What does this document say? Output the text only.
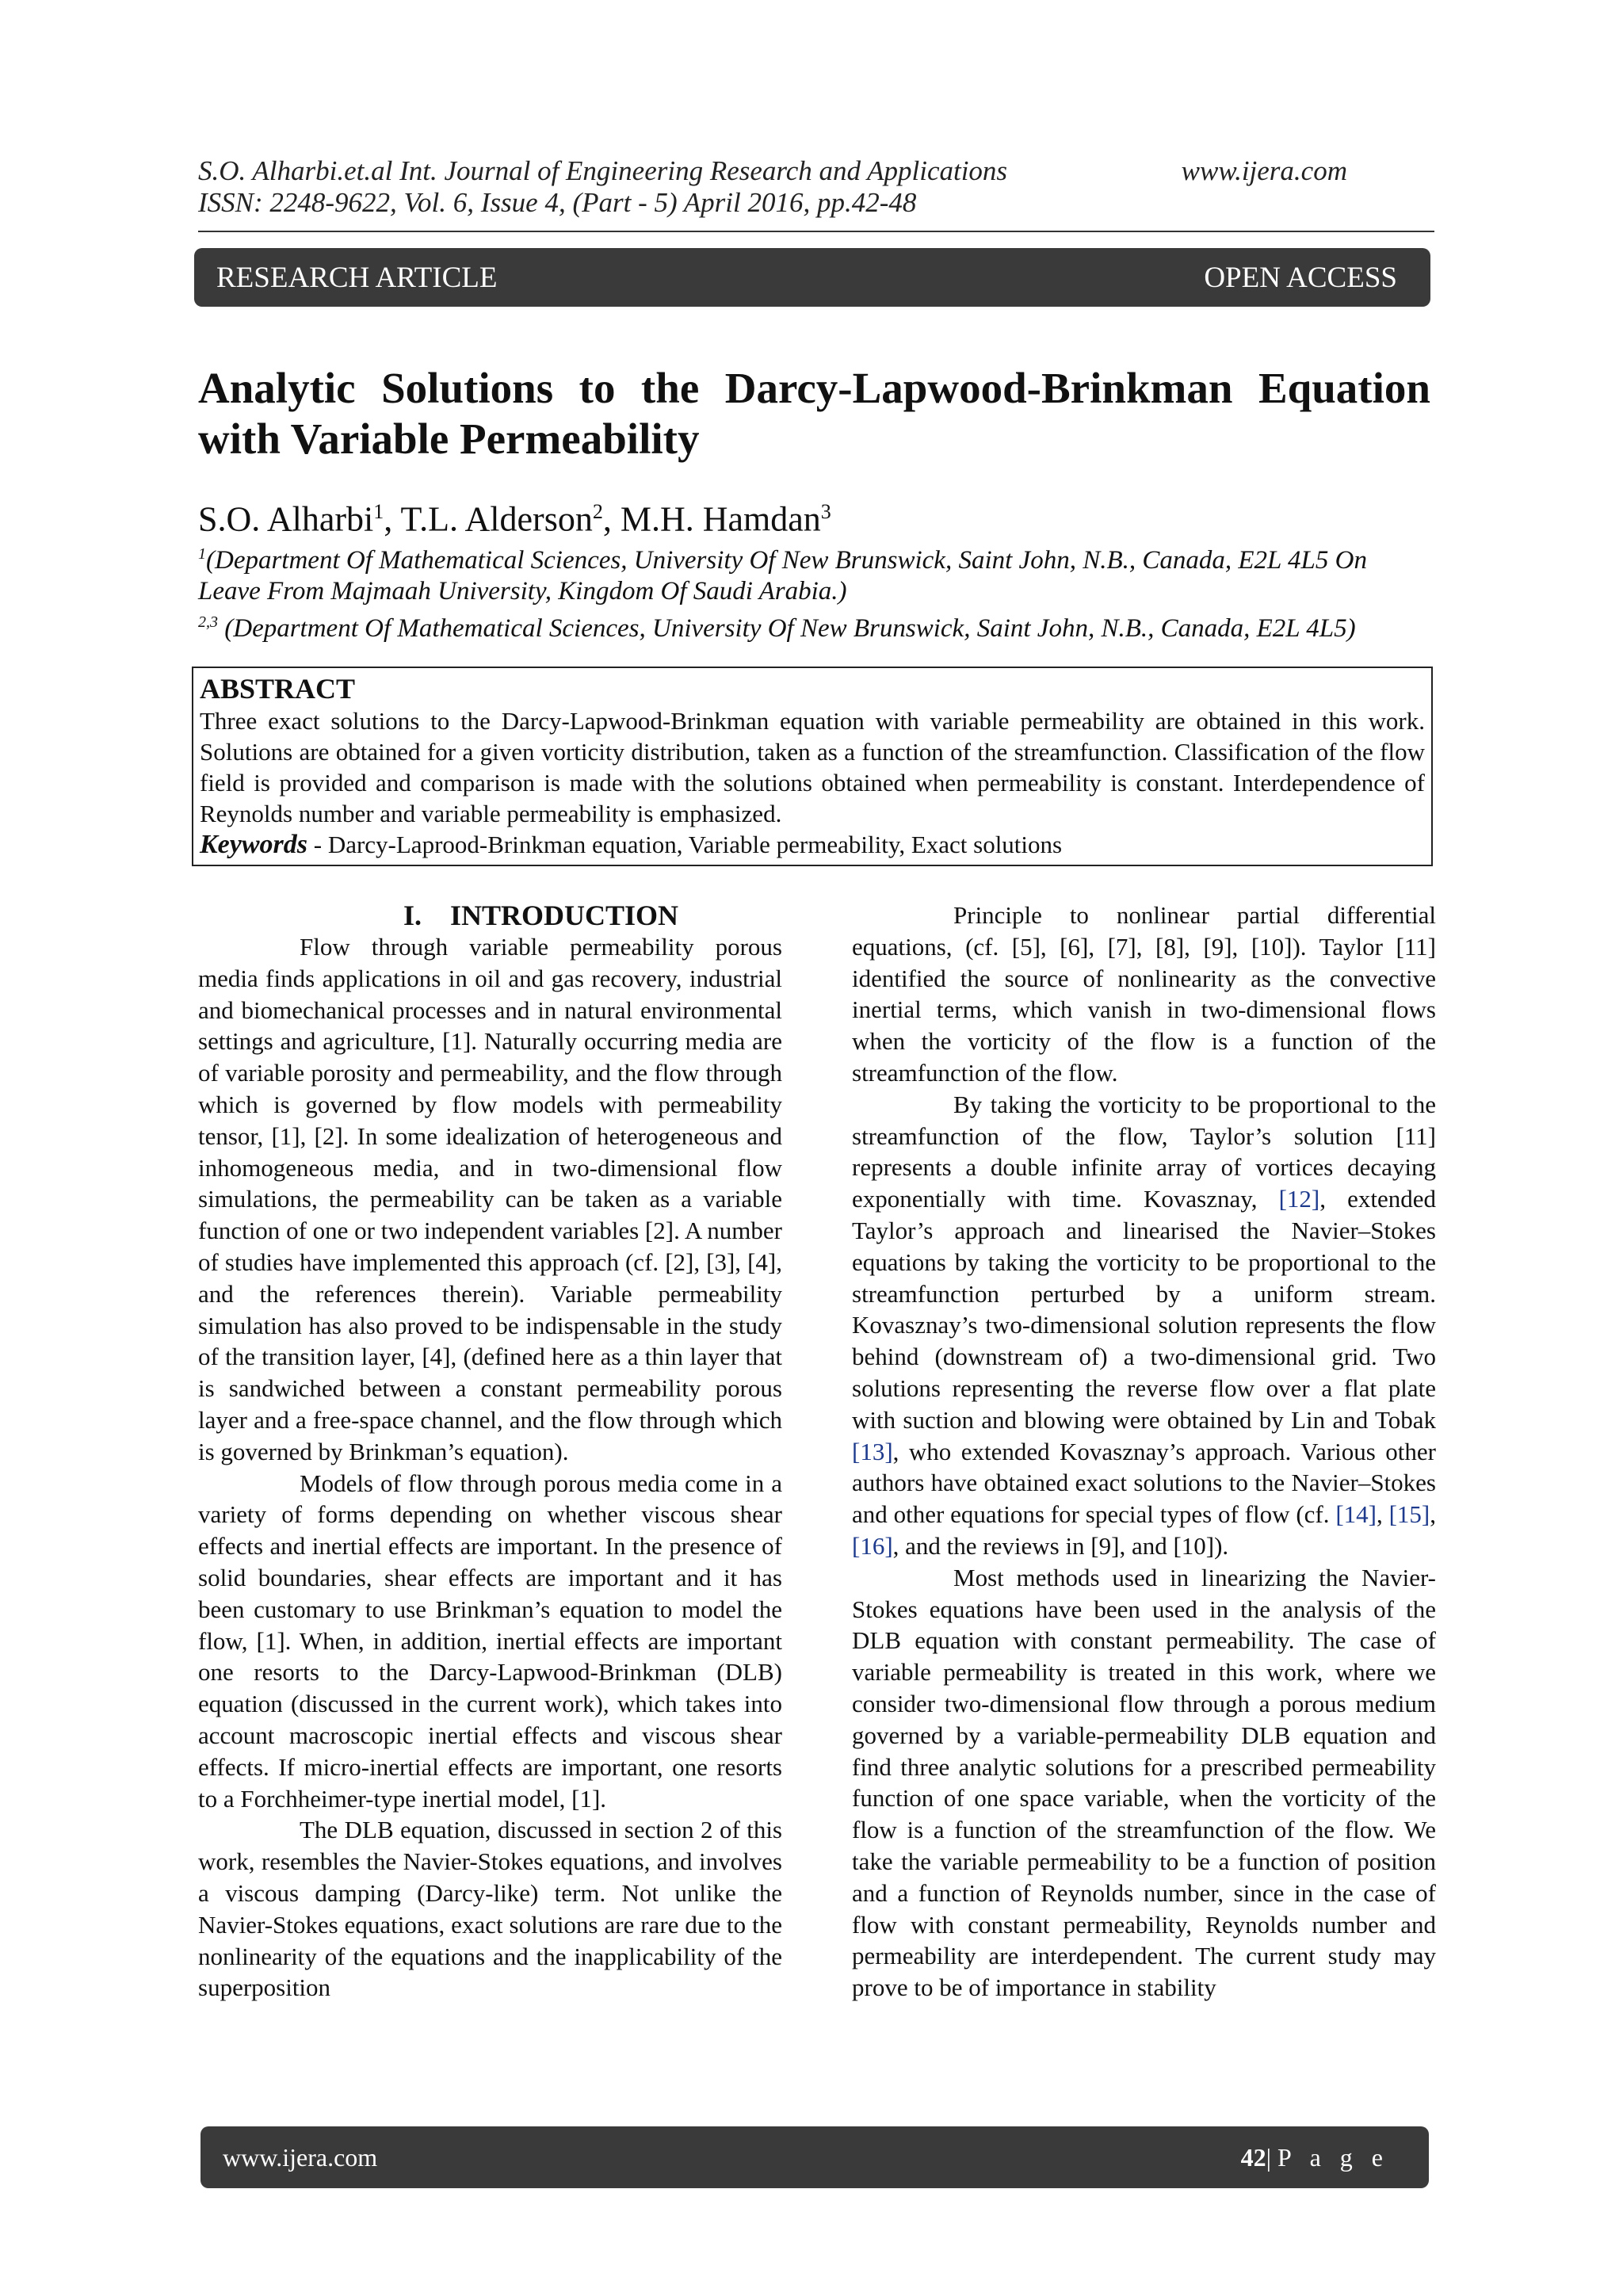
S.O. Alharbi.et.al Int. Journal of Engineering Research and Applications	www.ijera.com
ISSN: 2248-9622, Vol. 6, Issue 4, (Part - 5) April 2016, pp.42-48
RESEARCH ARTICLE	OPEN ACCESS
Analytic Solutions to the Darcy-Lapwood-Brinkman Equation with Variable Permeability
S.O. Alharbi$^1$, T.L. Alderson$^2$, M.H. Hamdan$^3$

$^1$(Department Of Mathematical Sciences, University Of New Brunswick, Saint John, N.B., Canada, E2L 4L5 On Leave From Majmaah University, Kingdom Of Saudi Arabia.)

$^{2,3}$ (Department Of Mathematical Sciences, University Of New Brunswick, Saint John, N.B., Canada, E2L 4L5)

ABSTRACT
Three exact solutions to the Darcy-Lapwood-Brinkman equation with variable permeability are obtained in this work. Solutions are obtained for a given vorticity distribution, taken as a function of the streamfunction. Classification of the flow field is provided and comparison is made with the solutions obtained when permeability is constant. Interdependence of Reynolds number and variable permeability is emphasized.
Keywords - Darcy-Laprood-Brinkman equation, Variable permeability, Exact solutions

I. INTRODUCTION

Flow through variable permeability porous media finds applications in oil and gas recovery, industrial and biomechanical processes and in natural environmental settings and agriculture, [1]. Naturally occurring media are of variable porosity and permeability, and the flow through which is governed by flow models with permeability tensor, [1], [2]. In some idealization of heterogeneous and inhomogeneous media, and in two-dimensional flow simulations, the permeability can be taken as a variable function of one or two independent variables [2]. A number of studies have implemented this approach (cf. [2], [3], [4], and the references therein). Variable permeability simulation has also proved to be indispensable in the study of the transition layer, [4], (defined here as a thin layer that is sandwiched between a constant permeability porous layer and a free-space channel, and the flow through which is governed by Brinkman’s equation).

Models of flow through porous media come in a variety of forms depending on whether viscous shear effects and inertial effects are important. In the presence of solid boundaries, shear effects are important and it has been customary to use Brinkman’s equation to model the flow, [1]. When, in addition, inertial effects are important one resorts to the Darcy-Lapwood-Brinkman (DLB) equation (discussed in the current work), which takes into account macroscopic inertial effects and viscous shear effects. If micro-inertial effects are important, one resorts to a Forchheimer-type inertial model, [1].

The DLB equation, discussed in section 2 of this work, resembles the Navier-Stokes equations, and involves a viscous damping (Darcy-like) term. Not unlike the Navier-Stokes equations, exact solutions are rare due to the nonlinearity of the equations and the inapplicability of the superposition

Principle to nonlinear partial differential equations, (cf. [5], [6], [7], [8], [9], [10]). Taylor [11] identified the source of nonlinearity as the convective inertial terms, which vanish in two-dimensional flows when the vorticity of the flow is a function of the streamfunction of the flow.

By taking the vorticity to be proportional to the streamfunction of the flow, Taylor’s solution [11] represents a double infinite array of vortices decaying exponentially with time. Kovasznay, [12], extended Taylor’s approach and linearised the Navier–Stokes equations by taking the vorticity to be proportional to the streamfunction perturbed by a uniform stream. Kovasznay’s two-dimensional solution represents the flow behind (downstream of) a two-dimensional grid. Two solutions representing the reverse flow over a flat plate with suction and blowing were obtained by Lin and Tobak [13], who extended Kovasznay’s approach. Various other authors have obtained exact solutions to the Navier–Stokes and other equations for special types of flow (cf. [14], [15], [16], and the reviews in [9], and [10]).

Most methods used in linearizing the Navier-Stokes equations have been used in the analysis of the DLB equation with constant permeability. The case of variable permeability is treated in this work, where we consider two-dimensional flow through a porous medium governed by a variable-permeability DLB equation and find three analytic solutions for a prescribed permeability function of one space variable, when the vorticity of the flow is a function of the streamfunction of the flow. We take the variable permeability to be a function of position and a function of Reynolds number, since in the case of flow with constant permeability, Reynolds number and permeability are interdependent. The current study may prove to be of importance in stability

www.ijera.com	42|P a g e
